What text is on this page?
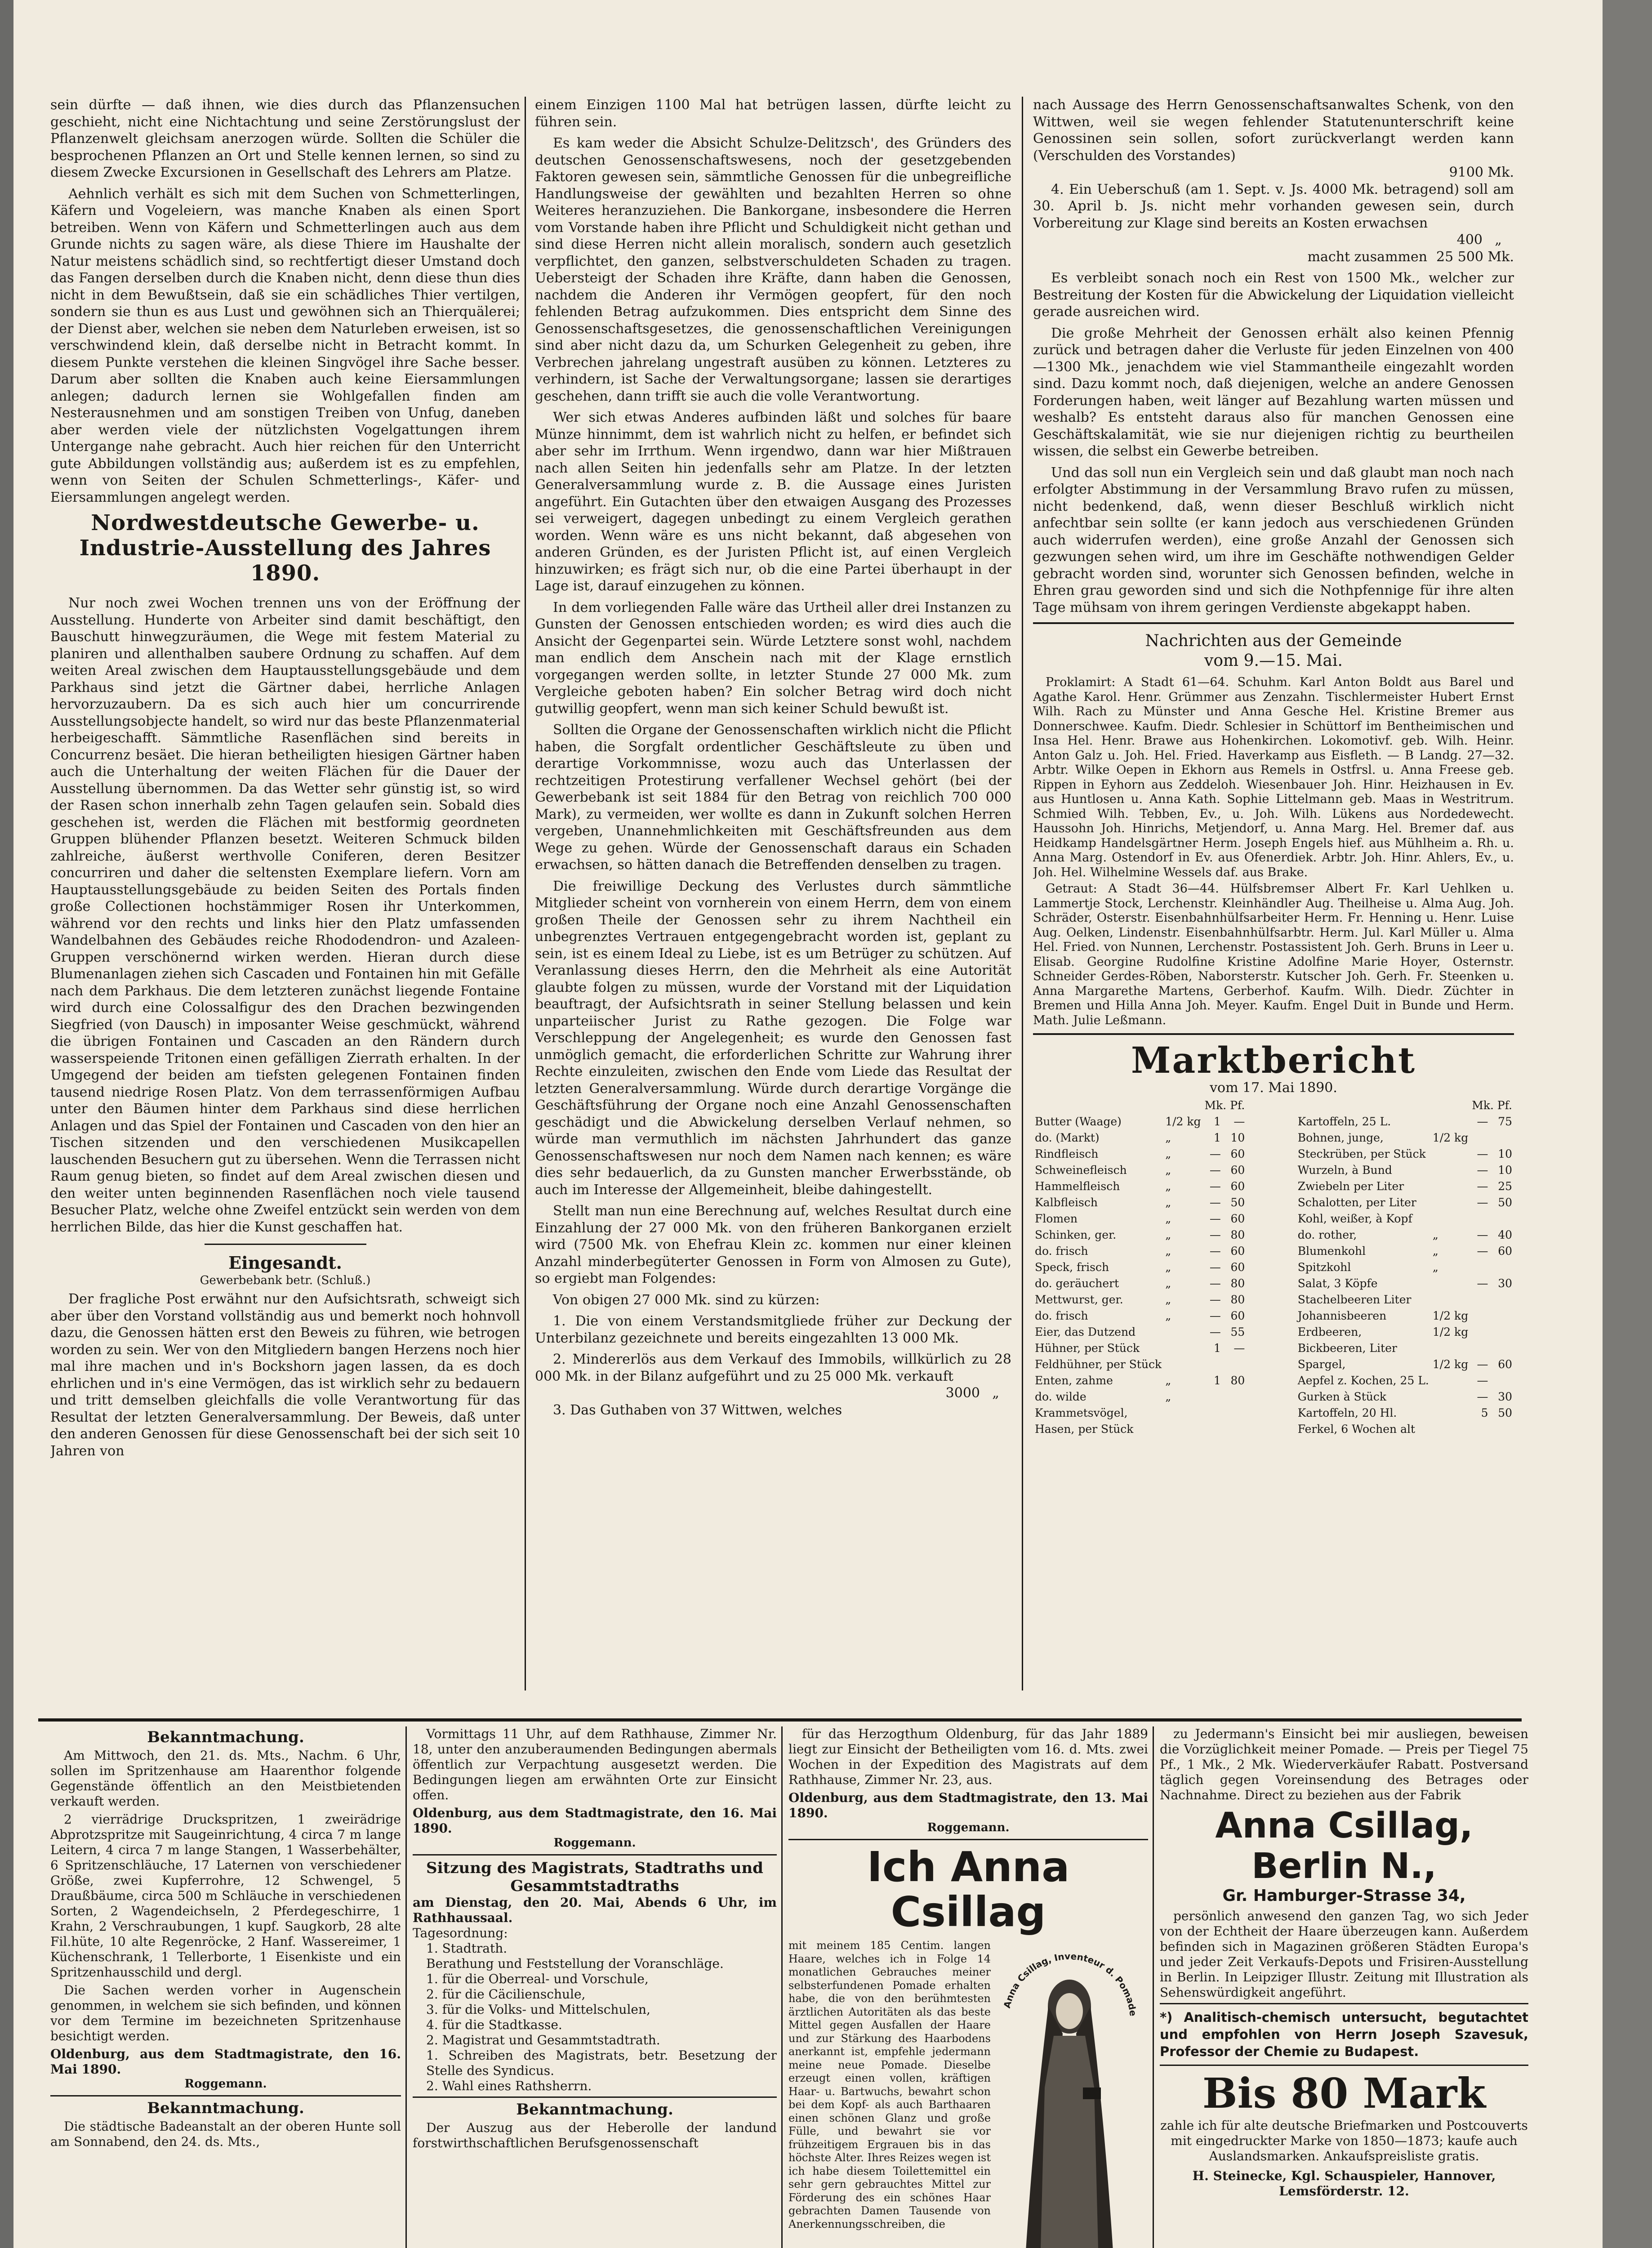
sein dürfte — daß ihnen, wie dies durch das Pflanzensuchen geschieht, nicht eine Nichtachtung und seine Zerstörungslust der Pflanzenwelt gleichsam anerzogen würde. Sollten die Schüler die besprochenen Pflanzen an Ort und Stelle kennen lernen, so sind zu diesem Zwecke Excursionen in Gesellschaft des Lehrers am Platze.

Aehnlich verhält es sich mit dem Suchen von Schmetterlingen, Käfern und Vogeleiern, was manche Knaben als einen Sport betreiben. Wenn von Käfern und Schmetterlingen auch aus dem Grunde nichts zu sagen wäre, als diese Thiere im Haushalte der Natur meistens schädlich sind, so rechtfertigt dieser Umstand doch das Fangen derselben durch die Knaben nicht, denn diese thun dies nicht in dem Bewußtsein, daß sie ein schädliches Thier vertilgen, sondern sie thun es aus Lust und gewöhnen sich an Thierquälerei; der Dienst aber, welchen sie neben dem Naturleben erweisen, ist so verschwindend klein, daß derselbe nicht in Betracht kommt. In diesem Punkte verstehen die kleinen Singvögel ihre Sache besser. Darum aber sollten die Knaben auch keine Eiersammlungen anlegen; dadurch lernen sie Wohlgefallen finden am Nesterausnehmen und am sonstigen Treiben von Unfug, daneben aber werden viele der nützlichsten Vogelgattungen ihrem Untergange nahe gebracht. Auch hier reichen für den Unterricht gute Abbildungen vollständig aus; außerdem ist es zu empfehlen, wenn von Seiten der Schulen Schmetterlings-, Käfer- und Eiersammlungen angelegt werden.

Nordwestdeutsche Gewerbe- u. Industrie-Ausstellung des Jahres 1890.

Nur noch zwei Wochen trennen uns von der Eröffnung der Ausstellung. Hunderte von Arbeiter sind damit beschäftigt, den Bauschutt hinwegzuräumen, die Wege mit festem Material zu planiren und allenthalben saubere Ordnung zu schaffen. Auf dem weiten Areal zwischen dem Hauptausstellungsgebäude und dem Parkhaus sind jetzt die Gärtner dabei, herrliche Anlagen hervorzuzaubern. Da es sich auch hier um concurrirende Ausstellungsobjecte handelt, so wird nur das beste Pflanzenmaterial herbeigeschafft. Sämmtliche Rasenflächen sind bereits in Concurrenz besäet. Die hieran betheiligten hiesigen Gärtner haben auch die Unterhaltung der weiten Flächen für die Dauer der Ausstellung übernommen. Da das Wetter sehr günstig ist, so wird der Rasen schon innerhalb zehn Tagen gelaufen sein. Sobald dies geschehen ist, werden die Flächen mit bestformig geordneten Gruppen blühender Pflanzen besetzt. Weiteren Schmuck bilden zahlreiche, äußerst werthvolle Coniferen, deren Besitzer concurriren und daher die seltensten Exemplare liefern. Vorn am Hauptausstellungsgebäude zu beiden Seiten des Portals finden große Collectionen hochstämmiger Rosen ihr Unterkommen, während vor den rechts und links hier den Platz umfassenden Wandelbahnen des Gebäudes reiche Rhododendron- und Azaleen-Gruppen verschönernd wirken werden. Hieran durch diese Blumenanlagen ziehen sich Cascaden und Fontainen hin mit Gefälle nach dem Parkhaus. Die dem letzteren zunächst liegende Fontaine wird durch eine Colossalfigur des den Drachen bezwingenden Siegfried (von Dausch) in imposanter Weise geschmückt, während die übrigen Fontainen und Cascaden an den Rändern durch wasserspeiende Tritonen einen gefälligen Zierrath erhalten. In der Umgegend der beiden am tiefsten gelegenen Fontainen finden tausend niedrige Rosen Platz. Von dem terrassenförmigen Aufbau unter den Bäumen hinter dem Parkhaus sind diese herrlichen Anlagen und das Spiel der Fontainen und Cascaden von den hier an Tischen sitzenden und den verschiedenen Musikcapellen lauschenden Besuchern gut zu übersehen. Wenn die Terrassen nicht Raum genug bieten, so findet auf dem Areal zwischen diesen und den weiter unten beginnenden Rasenflächen noch viele tausend Besucher Platz, welche ohne Zweifel entzückt sein werden von dem herrlichen Bilde, das hier die Kunst geschaffen hat.

Eingesandt.
Gewerbebank betr. (Schluß.)

Der fragliche Post erwähnt nur den Aufsichtsrath, schweigt sich aber über den Vorstand vollständig aus und bemerkt noch hohnvoll dazu, die Genossen hätten erst den Beweis zu führen, wie betrogen worden zu sein. Wer von den Mitgliedern bangen Herzens noch hier mal ihre machen und in's Bockshorn jagen lassen, da es doch ehrlichen und in's eine Vermögen, das ist wirklich sehr zu bedauern und tritt demselben gleichfalls die volle Verantwortung für das Resultat der letzten Generalversammlung. Der Beweis, daß unter den anderen Genossen für diese Genossenschaft bei der sich seit 10 Jahren von

einem Einzigen 1100 Mal hat betrügen lassen, dürfte leicht zu führen sein.

Es kam weder die Absicht Schulze-Delitzsch', des Gründers des deutschen Genossenschaftswesens, noch der gesetzgebenden Faktoren gewesen sein, sämmtliche Genossen für die unbegreifliche Handlungsweise der gewählten und bezahlten Herren so ohne Weiteres heranzuziehen. Die Bankorgane, insbesondere die Herren vom Vorstande haben ihre Pflicht und Schuldigkeit nicht gethan und sind diese Herren nicht allein moralisch, sondern auch gesetzlich verpflichtet, den ganzen, selbstverschuldeten Schaden zu tragen. Uebersteigt der Schaden ihre Kräfte, dann haben die Genossen, nachdem die Anderen ihr Vermögen geopfert, für den noch fehlenden Betrag aufzukommen. Dies entspricht dem Sinne des Genossenschaftsgesetzes, die genossenschaftlichen Vereinigungen sind aber nicht dazu da, um Schurken Gelegenheit zu geben, ihre Verbrechen jahrelang ungestraft ausüben zu können. Letzteres zu verhindern, ist Sache der Verwaltungsorgane; lassen sie derartiges geschehen, dann trifft sie auch die volle Verantwortung.

Wer sich etwas Anderes aufbinden läßt und solches für baare Münze hinnimmt, dem ist wahrlich nicht zu helfen, er befindet sich aber sehr im Irrthum. Wenn irgendwo, dann war hier Mißtrauen nach allen Seiten hin jedenfalls sehr am Platze. In der letzten Generalversammlung wurde z. B. die Aussage eines Juristen angeführt. Ein Gutachten über den etwaigen Ausgang des Prozesses sei verweigert, dagegen unbedingt zu einem Vergleich gerathen worden. Wenn wäre es uns nicht bekannt, daß abgesehen von anderen Gründen, es der Juristen Pflicht ist, auf einen Vergleich hinzuwirken; es frägt sich nur, ob die eine Partei überhaupt in der Lage ist, darauf einzugehen zu können.

In dem vorliegenden Falle wäre das Urtheil aller drei Instanzen zu Gunsten der Genossen entschieden worden; es wird dies auch die Ansicht der Gegenpartei sein. Würde Letztere sonst wohl, nachdem man endlich dem Anschein nach mit der Klage ernstlich vorgegangen werden sollte, in letzter Stunde 27 000 Mk. zum Vergleiche geboten haben? Ein solcher Betrag wird doch nicht gutwillig geopfert, wenn man sich keiner Schuld bewußt ist.

Sollten die Organe der Genossenschaften wirklich nicht die Pflicht haben, die Sorgfalt ordentlicher Geschäftsleute zu üben und derartige Vorkommnisse, wozu auch das Unterlassen der rechtzeitigen Protestirung verfallener Wechsel gehört (bei der Gewerbebank ist seit 1884 für den Betrag von reichlich 700 000 Mark), zu vermeiden, wer wollte es dann in Zukunft solchen Herren vergeben, Unannehmlichkeiten mit Geschäftsfreunden aus dem Wege zu gehen. Würde der Genossenschaft daraus ein Schaden erwachsen, so hätten danach die Betreffenden denselben zu tragen.

Die freiwillige Deckung des Verlustes durch sämmtliche Mitglieder scheint von vornherein von einem Herrn, dem von einem großen Theile der Genossen sehr zu ihrem Nachtheil ein unbegrenztes Vertrauen entgegengebracht worden ist, geplant zu sein, ist es einem Ideal zu Liebe, ist es um Betrüger zu schützen. Auf Veranlassung dieses Herrn, den die Mehrheit als eine Autorität glaubte folgen zu müssen, wurde der Vorstand mit der Liquidation beauftragt, der Aufsichtsrath in seiner Stellung belassen und kein unparteiischer Jurist zu Rathe gezogen. Die Folge war Verschleppung der Angelegenheit; es wurde den Genossen fast unmöglich gemacht, die erforderlichen Schritte zur Wahrung ihrer Rechte einzuleiten, zwischen den Ende vom Liede das Resultat der letzten Generalversammlung. Würde durch derartige Vorgänge die Geschäftsführung der Organe noch eine Anzahl Genossenschaften geschädigt und die Abwickelung derselben Verlauf nehmen, so würde man vermuthlich im nächsten Jahrhundert das ganze Genossenschaftswesen nur noch dem Namen nach kennen; es wäre dies sehr bedauerlich, da zu Gunsten mancher Erwerbsstände, ob auch im Interesse der Allgemeinheit, bleibe dahingestellt.

Stellt man nun eine Berechnung auf, welches Resultat durch eine Einzahlung der 27 000 Mk. von den früheren Bankorganen erzielt wird (7500 Mk. von Ehefrau Klein zc. kommen nur einer kleinen Anzahl minderbegüterter Genossen in Form von Almosen zu Gute), so ergiebt man Folgendes:

Von obigen 27 000 Mk. sind zu kürzen:

1. Die von einem Verstandsmitgliede früher zur Deckung der Unterbilanz gezeichnete und bereits eingezahlten 13 000 Mk.

2. Mindererlös aus dem Verkauf des Immobils, willkürlich zu 28 000 Mk. in der Bilanz aufgeführt und zu 25 000 Mk. verkauft

3000 „

3. Das Guthaben von 37 Wittwen, welches

nach Aussage des Herrn Genossenschaftsanwaltes Schenk, von den Wittwen, weil sie wegen fehlender Statutenunterschrift keine Genossinen sein sollen, sofort zurückverlangt werden kann (Verschulden des Vorstandes)

9100 Mk.

4. Ein Ueberschuß (am 1. Sept. v. Js. 4000 Mk. betragend) soll am 30. April b. Js. nicht mehr vorhanden gewesen sein, durch Vorbereitung zur Klage sind bereits an Kosten erwachsen

400 „
macht zusammen 25 500 Mk.

Es verbleibt sonach noch ein Rest von 1500 Mk., welcher zur Bestreitung der Kosten für die Abwickelung der Liquidation vielleicht gerade ausreichen wird.

Die große Mehrheit der Genossen erhält also keinen Pfennig zurück und betragen daher die Verluste für jeden Einzelnen von 400—1300 Mk., jenachdem wie viel Stammantheile eingezahlt worden sind. Dazu kommt noch, daß diejenigen, welche an andere Genossen Forderungen haben, weit länger auf Bezahlung warten müssen und weshalb? Es entsteht daraus also für manchen Genossen eine Geschäftskalamität, wie sie nur diejenigen richtig zu beurtheilen wissen, die selbst ein Gewerbe betreiben.

Und das soll nun ein Vergleich sein und daß glaubt man noch nach erfolgter Abstimmung in der Versammlung Bravo rufen zu müssen, nicht bedenkend, daß, wenn dieser Beschluß wirklich nicht anfechtbar sein sollte (er kann jedoch aus verschiedenen Gründen auch widerrufen werden), eine große Anzahl der Genossen sich gezwungen sehen wird, um ihre im Geschäfte nothwendigen Gelder gebracht worden sind, worunter sich Genossen befinden, welche in Ehren grau geworden sind und sich die Nothpfennige für ihre alten Tage mühsam von ihrem geringen Verdienste abgekappt haben.

Nachrichten aus der Gemeinde
vom 9.—15. Mai.

Proklamirt: A Stadt 61—64. Schuhm. Karl Anton Boldt aus Barel und Agathe Karol. Henr. Grümmer aus Zenzahn. Tischlermeister Hubert Ernst Wilh. Rach zu Münster und Anna Gesche Hel. Kristine Bremer aus Donnerschwee. Kaufm. Diedr. Schlesier in Schüttorf im Bentheimischen und Insa Hel. Henr. Brawe aus Hohenkirchen. Lokomotivf. geb. Wilh. Heinr. Anton Galz u. Joh. Hel. Fried. Haverkamp aus Eisfleth. — B Landg. 27—32. Arbtr. Wilke Oepen in Ekhorn aus Remels in Ostfrsl. u. Anna Freese geb. Rippen in Eyhorn aus Zeddeloh. Wiesenbauer Joh. Hinr. Heizhausen in Ev. aus Huntlosen u. Anna Kath. Sophie Littelmann geb. Maas in Westritrum. Schmied Wilh. Tebben, Ev., u. Joh. Wilh. Lükens aus Nordedewecht. Haussohn Joh. Hinrichs, Metjendorf, u. Anna Marg. Hel. Bremer daf. aus Heidkamp Handelsgärtner Herm. Joseph Engels hief. aus Mühlheim a. Rh. u. Anna Marg. Ostendorf in Ev. aus Ofenerdiek. Arbtr. Joh. Hinr. Ahlers, Ev., u. Joh. Hel. Wilhelmine Wessels daf. aus Brake.

Getraut: A Stadt 36—44. Hülfsbremser Albert Fr. Karl Uehlken u. Lammertje Stock, Lerchenstr. Kleinhändler Aug. Theilheise u. Alma Aug. Joh. Schräder, Osterstr. Eisenbahnhülfsarbeiter Herm. Fr. Henning u. Henr. Luise Aug. Oelken, Lindenstr. Eisenbahnhülfsarbtr. Herm. Jul. Karl Müller u. Alma Hel. Fried. von Nunnen, Lerchenstr. Postassistent Joh. Gerh. Bruns in Leer u. Elisab. Georgine Rudolfine Kristine Adolfine Marie Hoyer, Osternstr. Schneider Gerdes-Röben, Naborsterstr. Kutscher Joh. Gerh. Fr. Steenken u. Anna Margarethe Martens, Gerberhof. Kaufm. Wilh. Diedr. Züchter in Bremen und Hilla Anna Joh. Meyer. Kaufm. Engel Duit in Bunde und Herm. Math. Julie Leßmann.

Marktbericht
vom 17. Mai 1890.
		Mk. Pf.	
Butter (Waage)	1/2 kg	1	—
do. (Markt)	„	1	10
Rindfleisch	„	—	60
Schweinefleisch	„	—	60
Hammelfleisch	„	—	60
Kalbfleisch	„	—	50
Flomen	„	—	60
Schinken, ger.	„	—	80
do. frisch	„	—	60
Speck, frisch	„	—	60
do. geräuchert	„	—	80
Mettwurst, ger.	„	—	80
do. frisch	„	—	60
Eier, das Dutzend		—	55
Hühner, per Stück		1	—
Feldhühner, per Stück			
Enten, zahme	„	1	80
do. wilde	„		
Krammetsvögel,			
Hasen, per Stück			
		Mk. Pf.	
Kartoffeln, 25 L.		—	75
Bohnen, junge,	1/2 kg		
Steckrüben, per Stück		—	10
Wurzeln, à Bund		—	10
Zwiebeln per Liter		—	25
Schalotten, per Liter		—	50
Kohl, weißer, à Kopf			
do. rother,	„	—	40
Blumenkohl	„	—	60
Spitzkohl	„		
Salat, 3 Köpfe		—	30
Stachelbeeren Liter			
Johannisbeeren	1/2 kg		
Erdbeeren,	1/2 kg		
Bickbeeren, Liter			
Spargel,	1/2 kg	—	60
Aepfel z. Kochen, 25 L.		—	
Gurken à Stück		—	30
Kartoffeln, 20 Hl.		5	50
Ferkel, 6 Wochen alt			
Bekanntmachung.

Am Mittwoch, den 21. ds. Mts., Nachm. 6 Uhr, sollen im Spritzenhause am Haarenthor folgende Gegenstände öffentlich an den Meistbietenden verkauft werden.

2 vierrädrige Druckspritzen, 1 zweirädrige Abprotzspritze mit Saugeinrichtung, 4 circa 7 m lange Leitern, 4 circa 7 m lange Stangen, 1 Wasserbehälter, 6 Spritzenschläuche, 17 Laternen von verschiedener Größe, zwei Kupferrohre, 12 Schwengel, 5 Draußbäume, circa 500 m Schläuche in verschiedenen Sorten, 2 Wagendeichseln, 2 Pferdegeschirre, 1 Krahn, 2 Verschraubungen, 1 kupf. Saugkorb, 28 alte Fil.hüte, 10 alte Regenröcke, 2 Hanf. Wassereimer, 1 Küchenschrank, 1 Tellerborte, 1 Eisenkiste und ein Spritzenhausschild und dergl.

Die Sachen werden vorher in Augenschein genommen, in welchem sie sich befinden, und können vor dem Termine im bezeichneten Spritzenhause besichtigt werden.

Oldenburg, aus dem Stadtmagistrate, den 16. Mai 1890.
Roggemann.
Bekanntmachung.

Die städtische Badeanstalt an der oberen Hunte soll am Sonnabend, den 24. ds. Mts.,

Vormittags 11 Uhr, auf dem Rathhause, Zimmer Nr. 18, unter den anzuberaumenden Bedingungen abermals öffentlich zur Verpachtung ausgesetzt werden. Die Bedingungen liegen am erwähnten Orte zur Einsicht offen.

Oldenburg, aus dem Stadtmagistrate, den 16. Mai 1890.
Roggemann.
Sitzung des Magistrats, Stadtraths und Gesammtstadtraths
am Dienstag, den 20. Mai, Abends 6 Uhr, im Rathhaussaal.
Tagesordnung:
1. Stadtrath.
Berathung und Feststellung der Voranschläge.
1. für die Oberreal- und Vorschule,
2. für die Cäcilienschule,
3. für die Volks- und Mittelschulen,
4. für die Stadtkasse.
2. Magistrat und Gesammtstadtrath.
1. Schreiben des Magistrats, betr. Besetzung der Stelle des Syndicus.
2. Wahl eines Rathsherrn.
Bekanntmachung.

Der Auszug aus der Heberolle der landund forstwirthschaftlichen Berufsgenossenschaft

für das Herzogthum Oldenburg, für das Jahr 1889 liegt zur Einsicht der Betheiligten vom 16. d. Mts. zwei Wochen in der Expedition des Magistrats auf dem Rathhause, Zimmer Nr. 23, aus.

Oldenburg, aus dem Stadtmagistrate, den 13. Mai 1890.
Roggemann.
Ich Anna Csillag
mit meinem 185 Centim. langen Haare, welches ich in Folge 14 monatlichen Gebrauches meiner selbsterfundenen Pomade erhalten habe, die von den berühmtesten ärztlichen Autoritäten als das beste Mittel gegen Ausfallen der Haare und zur Stärkung des Haarbodens anerkannt ist, empfehle jedermann meine neue Pomade. Dieselbe erzeugt einen vollen, kräftigen Haar- u. Bartwuchs, bewahrt schon bei dem Kopf- als auch Barthaaren einen schönen Glanz und große Fülle, und bewahrt sie vor frühzeitigem Ergrauen bis in das höchste Alter. Ihres Reizes wegen ist ich habe diesem Toilettemittel ein sehr gern gebrauchtes Mittel zur Förderung des ein schönes Haar gebrachten Damen Tausende von Anerkennungsschreiben, die
Anna Csillag, Inventeur d. Pomade

zu Jedermann's Einsicht bei mir ausliegen, beweisen die Vorzüglichkeit meiner Pomade. — Preis per Tiegel 75 Pf., 1 Mk., 2 Mk. Wiederverkäufer Rabatt. Postversand täglich gegen Voreinsendung des Betrages oder Nachnahme. Direct zu beziehen aus der Fabrik

Anna Csillag, Berlin N.,
Gr. Hamburger-Strasse 34,

persönlich anwesend den ganzen Tag, wo sich Jeder von der Echtheit der Haare überzeugen kann. Außerdem befinden sich in Magazinen größeren Städten Europa's und jeder Zeit Verkaufs-Depots und Frisiren-Ausstellung in Berlin. In Leipziger Illustr. Zeitung mit Illustration als Sehenswürdigkeit angeführt.

*) Analitisch-chemisch untersucht, begutachtet und empfohlen von Herrn Joseph Szavesuk, Professor der Chemie zu Budapest.
Bis 80 Mark
zahle ich für alte deutsche Briefmarken und Postcouverts mit eingedruckter Marke von 1850—1873; kaufe auch Auslandsmarken. Ankaufspreisliste gratis.
H. Steinecke, Kgl. Schauspieler, Hannover, Lemsförderstr. 12.
